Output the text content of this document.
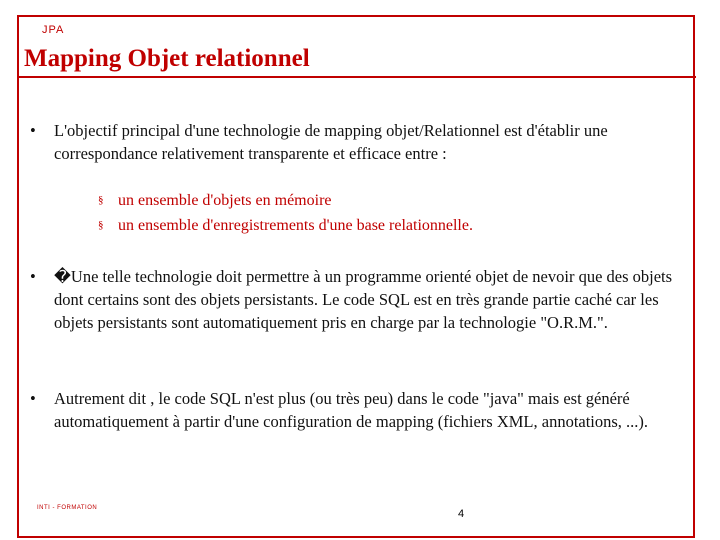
JPA
Mapping Objet relationnel
•	L'objectif principal d'une technologie de mapping objet/Relationnel est d'établir une correspondance relativement transparente et efficace entre :
§ un ensemble d'objets en mémoire
§ un ensemble d'enregistrements d'une base relationnelle.
•	�Une telle technologie doit permettre à un programme orienté objet de nevoir que des objets dont certains sont des objets persistants. Le code SQL est en très grande partie caché car les objets persistants sont automatiquement pris en charge par la technologie "O.R.M.".
•	Autrement dit , le code SQL n'est plus (ou très peu) dans le code "java" mais est généré automatiquement à partir d'une configuration de mapping (fichiers XML, annotations, ...).
INTI - FORMATION	4
